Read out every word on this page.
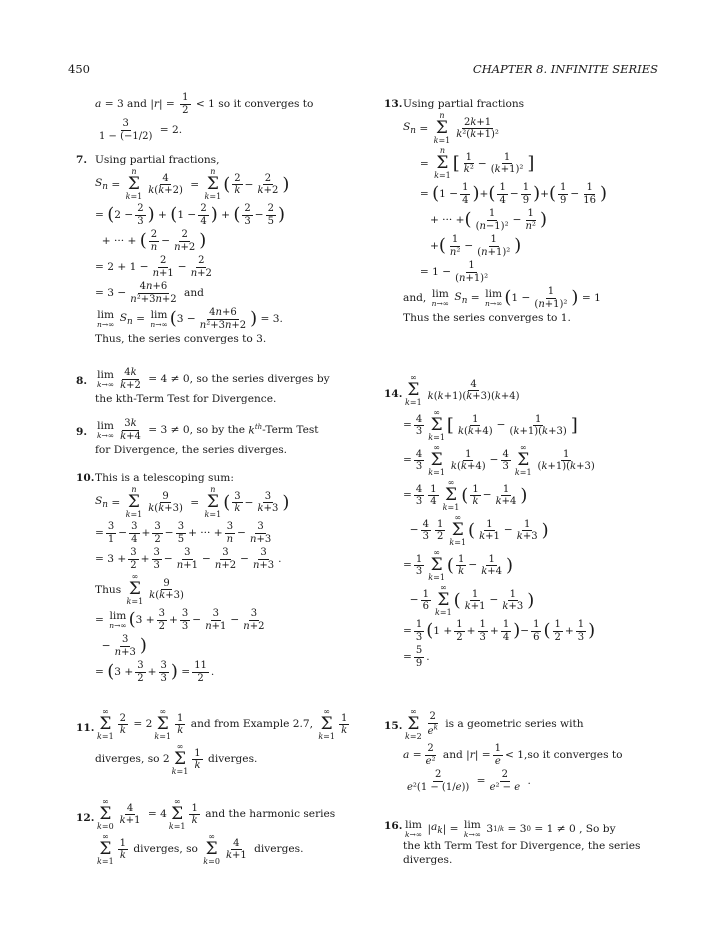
450	CHAPTER 8. INFINITE SERIES
a = 3 and | r | = $\frac{1}{2} < 1$ so it converges to
$\frac{3}{1 - (-1/2)} = 2$.
7. Using partial fractions,
$S_n$ =
n
Σ
$k=1 \frac{4}{k(k+2)}$ =
n
Σ
k=1
( $\frac{2}{k} - \frac{2}{k+2}$ )
= ( $2 - \frac{2}{3}$ ) + ( $1 - \frac{2}{4}$ ) + ( $\frac{2}{3} - \frac{2}{5}$ )
+ ··· + ( $\frac{2}{n} - \frac{2}{n+2}$ )
= $2 + 1 - \frac{2}{n+1} - \frac{2}{n+2}$
= $3 - \frac{4n+6}{\text{n²+3n+2}}$ and
lim
n→∞

$S_n = \lim$
n→∞ ( $3 - \frac{4n+6}{\text{n²+3n+2}}$ ) = 3.
Thus, the series converges to 3.
8.
lim
$k\to\infty \frac{4k}{k+2} = 4 \ne 0$, so the series diverges by
the kth-Term Test for Divergence.
9.
lim
$k\to\infty \frac{3k}{k+4} = 3 \ne 0$, so by the $k^{th}$ -Term Test
for Divergence, the series diverges.
10. This is a telescoping sum:
$S_n$ =
n
Σ
$k=1 \frac{9}{k(k+3)}$ =
n
Σ
k=1
( $\frac{3}{k} - \frac{3}{k+3}$ )
= $\frac{3}{1} - \frac{3}{4} + \frac{3}{2} - \frac{3}{5}$ + ··· + $\frac{3}{n} - \frac{3}{n+3}$
= $3 + \frac{3}{2} + \frac{3}{3} - \frac{3}{n+1} - \frac{3}{n+2} - \frac{3}{n+3}$ .
Thus
∞
Σ
$k=1 \frac{9}{k(k+3)}$
= lim
n→∞ ( $3 + \frac{3}{2} + \frac{3}{3} - \frac{3}{n+1} - \frac{3}{n+2}$
− $\frac{3}{n+3}$ )
= ( $3 + \frac{3}{2} + \frac{3}{3}$ ) = $\frac{11}{2}$ .
11.
∞
Σ
$k=1 \frac{2}{k} = 2$
∞
Σ
$k=1 \frac{1}{k}$ and from Example 2.7,
∞
Σ
$k=1 \frac{1}{k}$
diverges, so 2
∞
Σ
$k=1 \frac{1}{k}$ diverges.
12.
∞
Σ
$k=0 \frac{4}{k+1} = 4$
∞
Σ
$k=1 \frac{1}{k}$ and the harmonic series
∞
Σ
$k=1 \frac{1}{k}$ diverges, so
∞
Σ
$k=0 \frac{4}{k+1}$ diverges.
13. Using partial fractions
$S_n$ =
n
Σ
$k=1 \frac{2k+1}{\text{k²(k+1)²}}$
=
n
Σ
k=1
[ $\frac{1}{\text{k²}} - \frac{1}{\text{(k+1)²}}$ ]
= ( $1 - \frac{1}{4}$ ) + ( $\frac{1}{4} - \frac{1}{9}$ ) + ( $\frac{1}{9} - \frac{1}{16}$ )
+ ··· + ( $\frac{1}{\text{(n−1)²}} - \frac{1}{\text{n²}}$ )
+ ( $\frac{1}{\text{n²}} - \frac{1}{\text{(n+1)²}}$ )
= $1 - \frac{1}{\text{(n+1)²}}$
and, lim
n→∞

$S_n = \lim$
n→∞ ( $1 - \frac{1}{\text{(n+1)²}}$ ) = 1
Thus the series converges to 1.
14.
∞
Σ
$k=1 \frac{4}{k(k+1)(k+3)(k+4)}$
= $\frac{4}{3}$
∞
Σ
k=1
[ $\frac{1}{k(k+4)} - \frac{1}{(k+1)(k+3)}$ ]
= $\frac{4}{3}$
∞
Σ
$k=1 \frac{1}{k(k+4)} - \frac{4}{3}$
∞
Σ
$k=1 \frac{1}{(k+1)(k+3)}$
= $\frac{4}{3} \frac{1}{4}$
∞
Σ
k=1
( $\frac{1}{k} - \frac{1}{k+4}$ )
− $\frac{4}{3} \frac{1}{2}$
∞
Σ
k=1
( $\frac{1}{k+1} - \frac{1}{k+3}$ )
= $\frac{1}{3}$
∞
Σ
k=1
( $\frac{1}{k} - \frac{1}{k+4}$ )
− $\frac{1}{6}$
∞
Σ
k=1
( $\frac{1}{k+1} - \frac{1}{k+3}$ )
= $\frac{1}{3}$ ( $1 + \frac{1}{2} + \frac{1}{3} + \frac{1}{4}$ ) − $\frac{1}{6}$ ( $\frac{1}{2} + \frac{1}{3}$ )
= $\frac{5}{9}$ .
15.
∞
Σ
$k=2 \frac{2}{e^k}$ is a geometric series with
$a = \frac{2}{\text{e²}}$ and | r | = $\frac{1}{e} < 1,so$ it converges to
$\frac{2}{\text{e²(1 − (1/e))}} = \frac{2}{\text{e² − e}}$ .
16. lim
k→∞ | $a_k$ | = lim
k→∞ 3 1/k = 3 0 = 1 ≠ 0 , So by
the kth Term Test for Divergence, the series
diverges.
